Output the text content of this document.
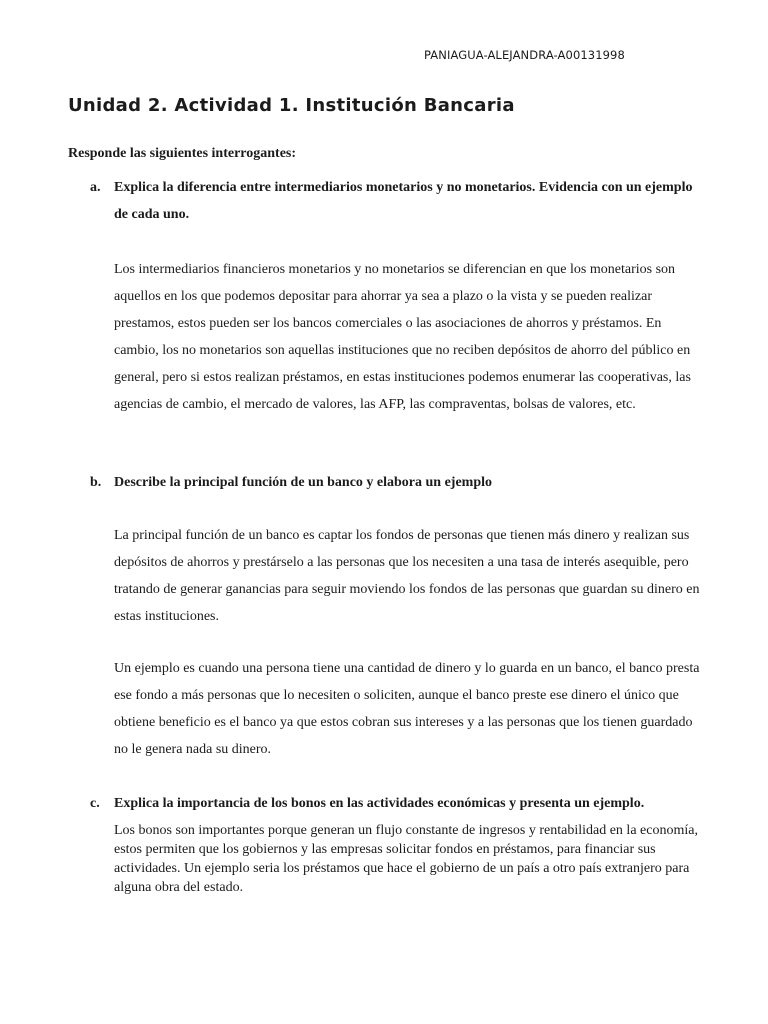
PANIAGUA-ALEJANDRA-A00131998
Unidad 2. Actividad 1. Institución Bancaria
Responde las siguientes interrogantes:
a. Explica la diferencia entre intermediarios monetarios y no monetarios. Evidencia con un ejemplo de cada uno.

Los intermediarios financieros monetarios y no monetarios se diferencian en que los monetarios son aquellos en los que podemos depositar para ahorrar ya sea a plazo o la vista y se pueden realizar prestamos, estos pueden ser los bancos comerciales o las asociaciones de ahorros y préstamos. En cambio, los no monetarios son aquellas instituciones que no reciben depósitos de ahorro del público en general, pero si estos realizan préstamos, en estas instituciones podemos enumerar las cooperativas, las agencias de cambio, el mercado de valores, las AFP, las compraventas, bolsas de valores, etc.

b. Describe la principal función de un banco y elabora un ejemplo

La principal función de un banco es captar los fondos de personas que tienen más dinero y realizan sus depósitos de ahorros y prestárselo a las personas que los necesiten a una tasa de interés asequible, pero tratando de generar ganancias para seguir moviendo los fondos de las personas que guardan su dinero en estas instituciones.

Un ejemplo es cuando una persona tiene una cantidad de dinero y lo guarda en un banco, el banco presta ese fondo a más personas que lo necesiten o soliciten, aunque el banco preste ese dinero el único que obtiene beneficio es el banco ya que estos cobran sus intereses y a las personas que los tienen guardado no le genera nada su dinero.

c. Explica la importancia de los bonos en las actividades económicas y presenta un ejemplo.

Los bonos son importantes porque generan un flujo constante de ingresos y rentabilidad en la economía, estos permiten que los gobiernos y las empresas solicitar fondos en préstamos, para financiar sus actividades. Un ejemplo seria los préstamos que hace el gobierno de un país a otro país extranjero para alguna obra del estado.
